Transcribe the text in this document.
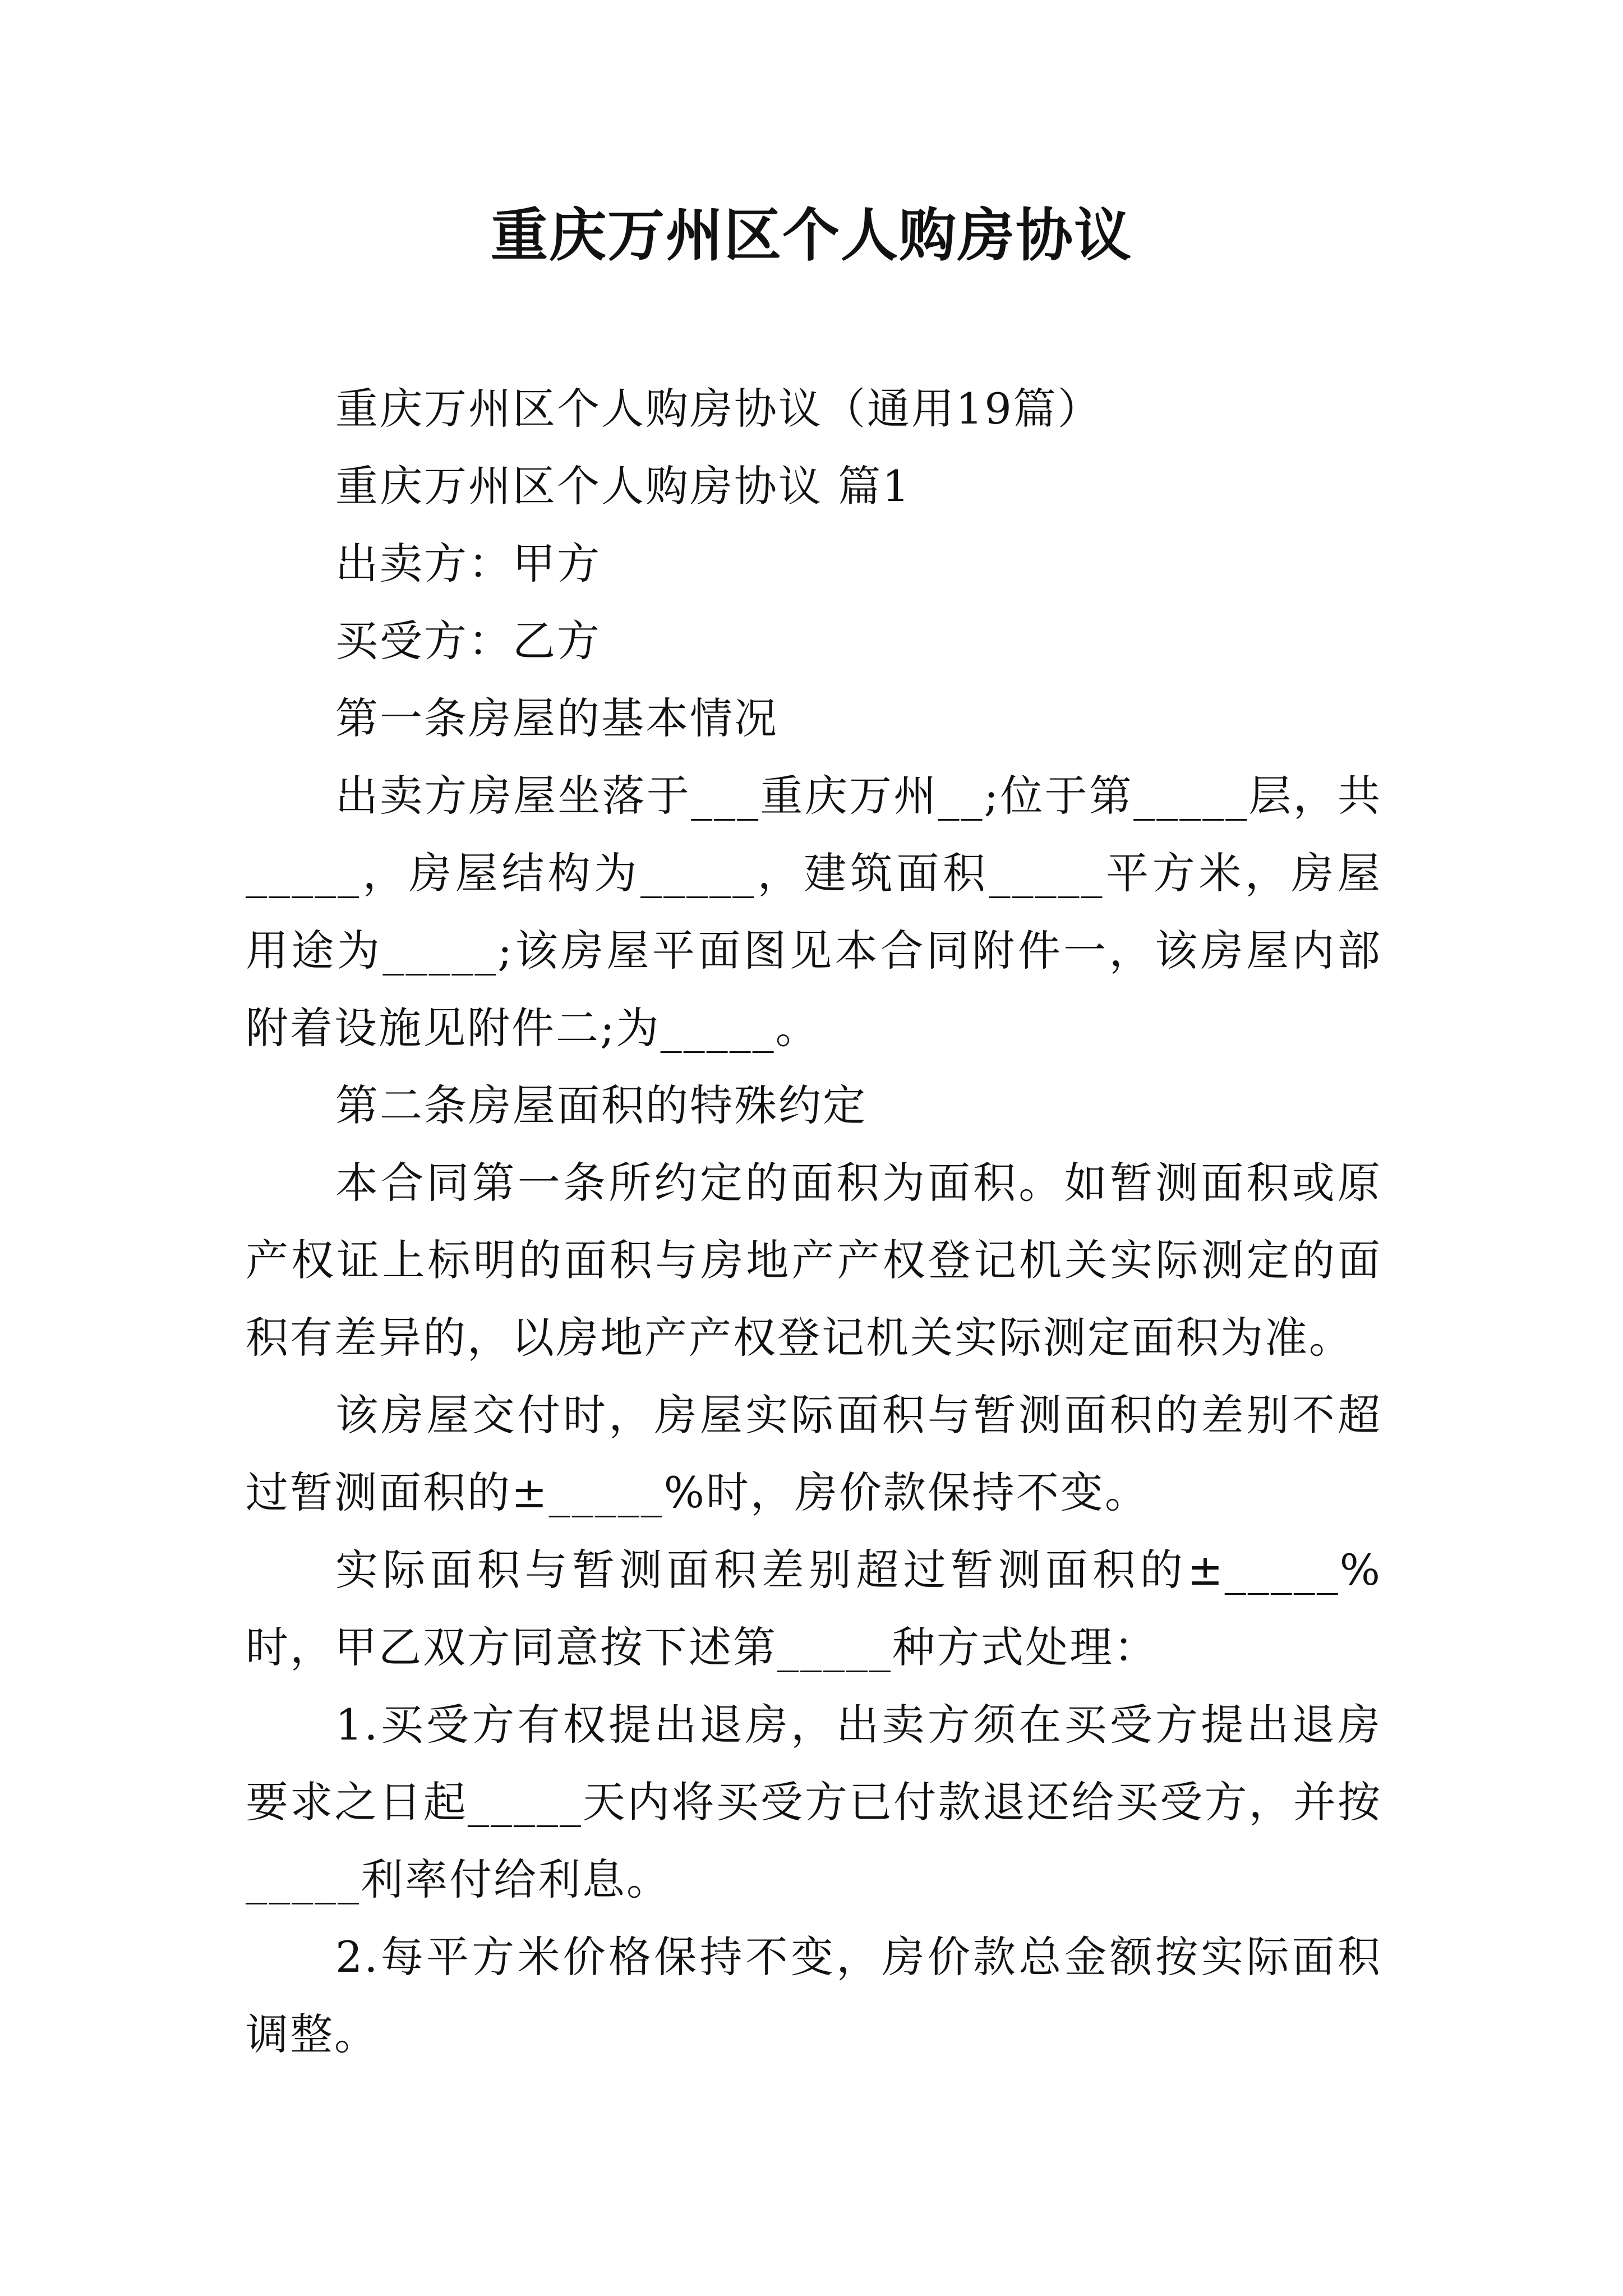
重庆万州区个人购房协议

重庆万州区个人购房协议（通用19篇）

重庆万州区个人购房协议 篇1

出卖方：甲方

买受方：乙方

第一条房屋的基本情况

出卖方房屋坐落于___重庆万州__;位于第_____层，共_____，房屋结构为_____，建筑面积_____平方米，房屋用途为_____;该房屋平面图见本合同附件一，该房屋内部附着设施见附件二;为_____。

第二条房屋面积的特殊约定

本合同第一条所约定的面积为面积。如暂测面积或原产权证上标明的面积与房地产产权登记机关实际测定的面积有差异的，以房地产产权登记机关实际测定面积为准。

该房屋交付时，房屋实际面积与暂测面积的差别不超过暂测面积的±_____%时，房价款保持不变。

实际面积与暂测面积差别超过暂测面积的±_____%时，甲乙双方同意按下述第_____种方式处理：

1.买受方有权提出退房，出卖方须在买受方提出退房要求之日起_____天内将买受方已付款退还给买受方，并按_____利率付给利息。

2.每平方米价格保持不变，房价款总金额按实际面积调整。
